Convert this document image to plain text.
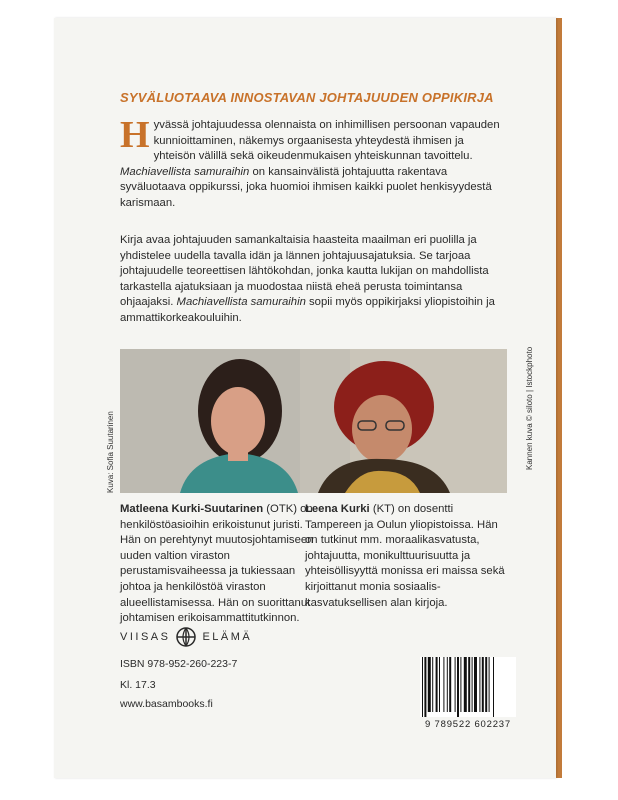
SYVÄLUOTAAVA INNOSTAVAN JOHTAJUUDEN OPPIKIRJA
Hyvässä johtajuudessa olennaista on inhimillisen persoonan vapauden kunnioittaminen, näkemys orgaanisesta yhteydestä ihmisen ja yhteisön välillä sekä oikeudenmukaisen yhteiskunnan tavoittelu. Machiavellista samuraihin on kansainvälistä johtajuutta rakentava syväluotaava oppikurssi, joka huomioi ihmisen kaikki puolet henkisyydestä karismaan.
Kirja avaa johtajuuden samankaltaisia haasteita maailman eri puolilla ja yhdistelee uudella tavalla idän ja lännen johtajuusajatuksia. Se tarjoaa johtajuudelle teoreettisen lähtökohdan, jonka kautta lukijan on mahdollista tarkastella ajatuksiaan ja muodostaa niistä eheä perusta toimintansa ohjaajaksi. Machiavellista samuraihin sopii myös oppikirjaksi yliopistoihin ja ammattikorkeakouluihin.
Kuva: Sofia Suutarinen	Kannen kuva © siloto | Istockphoto
Matleena Kurki-Suutarinen (OTK) on henkilöstöasioihin erikoistunut juristi. Hän on perehtynyt muutosjohtamiseen uuden valtion viraston perustamisvaiheessa ja tukiessaan johtoa ja henkilöstöä viraston alueellistamisessa. Hän on suorittanut johtamisen erikoisammattitutkinnon.
Leena Kurki (KT) on dosentti Tampereen ja Oulun yliopistoissa. Hän on tutkinut mm. moraalikasvatusta, johtajuutta, monikulttuurisuutta ja yhteisöllisyyttä monissa eri maissa sekä kirjoittanut monia sosiaalis-kasvatuksellisen alan kirjoja.
VIISAS	ELÄMÄ
ISBN 978-952-260-223-7
Kl. 17.3
www.basambooks.fi
9 789522 602237
